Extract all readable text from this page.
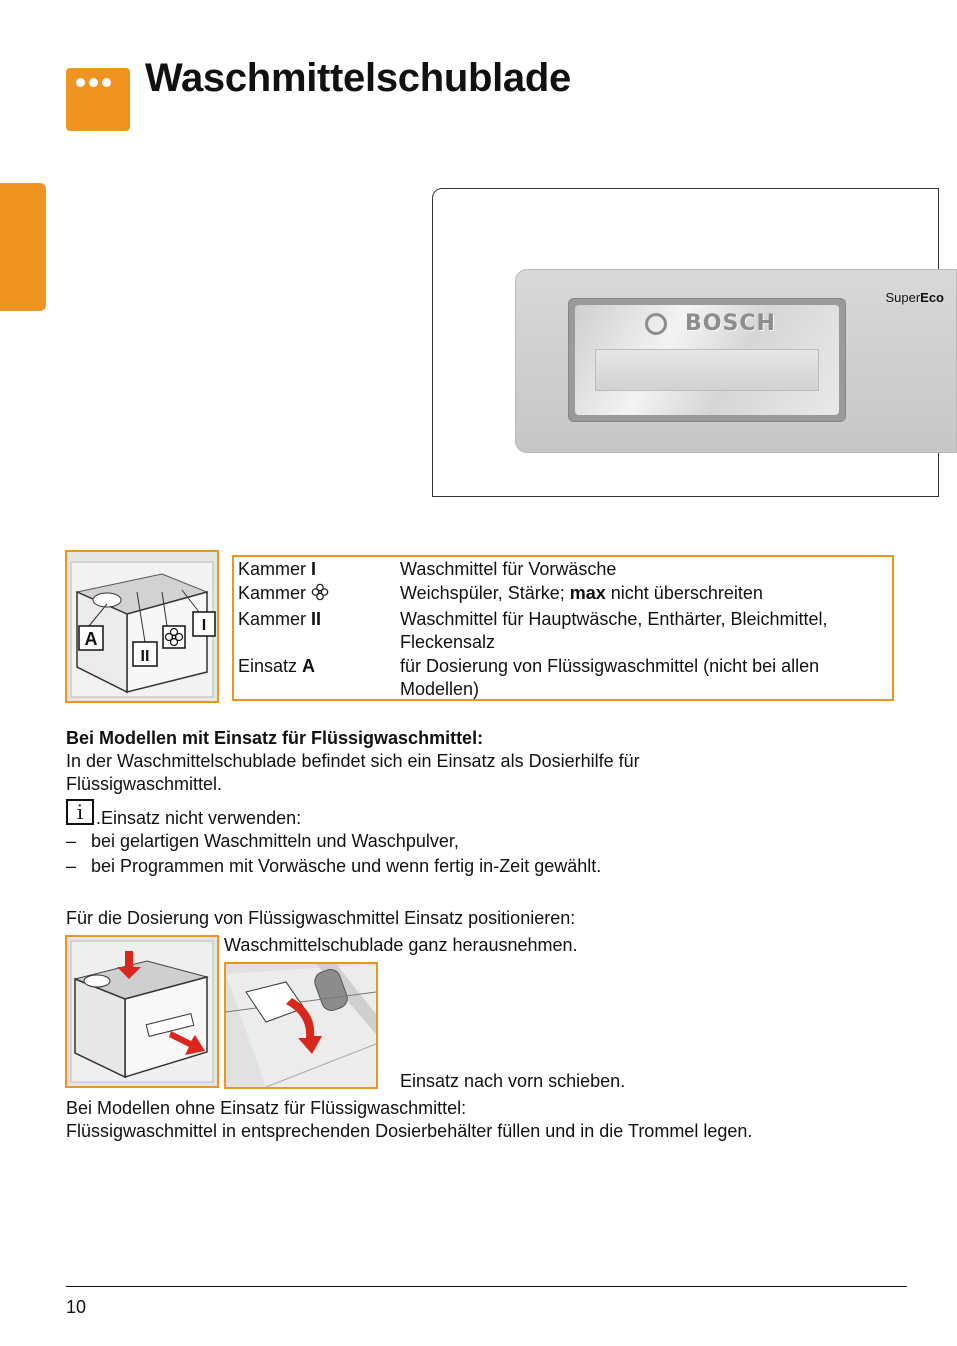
Waschmittelschublade
BOSCH
SuperEco
A
II
I
Kammer I	Waschmittel für Vorwäsche
Kammer	Weichspüler, Stärke; max nicht überschreiten
Kammer II	Waschmittel für Hauptwäsche, Enthärter, Bleichmittel,
Fleckensalz
Einsatz A	für Dosierung von Flüssigwaschmittel (nicht bei allen
Modellen)
Bei Modellen mit Einsatz für Flüssigwaschmittel:
In der Waschmittelschublade befindet sich ein Einsatz als Dosierhilfe für
Flüssigwaschmittel.
i .Einsatz nicht verwenden:
– bei gelartigen Waschmitteln und Waschpulver,
– bei Programmen mit Vorwäsche und wenn fertig in-Zeit gewählt.
Für die Dosierung von Flüssigwaschmittel Einsatz positionieren:
Waschmittelschublade ganz herausnehmen.
Einsatz nach vorn schieben.
Bei Modellen ohne Einsatz für Flüssigwaschmittel:
Flüssigwaschmittel in entsprechenden Dosierbehälter füllen und in die Trommel legen.
10
